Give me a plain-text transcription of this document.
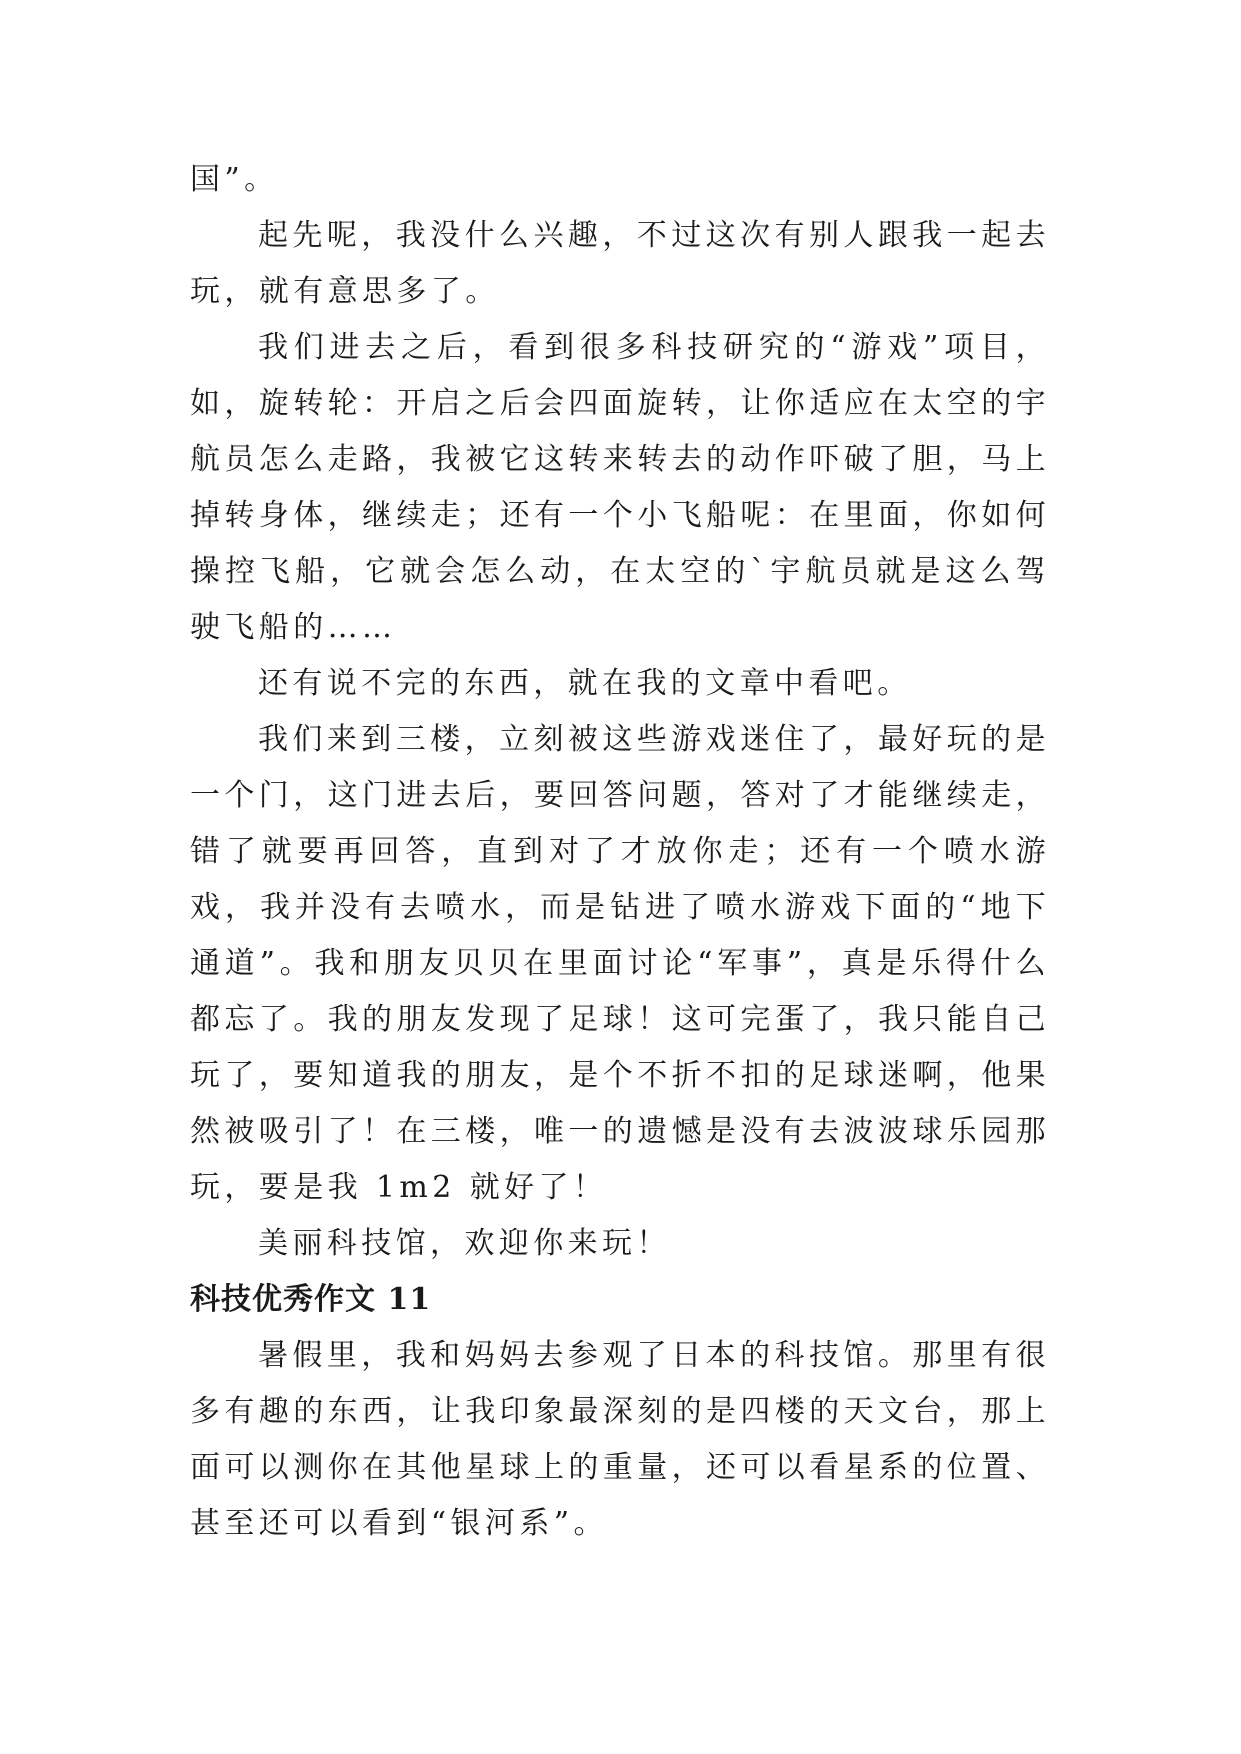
国”。

起先呢，我没什么兴趣，不过这次有别人跟我一起去玩，就有意思多了。

我们进去之后，看到很多科技研究的“游戏”项目，如，旋转轮：开启之后会四面旋转，让你适应在太空的宇航员怎么走路，我被它这转来转去的动作吓破了胆，马上掉转身体，继续走；还有一个小飞船呢：在里面，你如何操控飞船，它就会怎么动，在太空的`宇航员就是这么驾驶飞船的……

还有说不完的东西，就在我的文章中看吧。

我们来到三楼，立刻被这些游戏迷住了，最好玩的是一个门，这门进去后，要回答问题，答对了才能继续走，错了就要再回答，直到对了才放你走；还有一个喷水游戏，我并没有去喷水，而是钻进了喷水游戏下面的“地下通道”。我和朋友贝贝在里面讨论“军事”，真是乐得什么都忘了。我的朋友发现了足球！这可完蛋了，我只能自己玩了，要知道我的朋友，是个不折不扣的足球迷啊，他果然被吸引了！在三楼，唯一的遗憾是没有去波波球乐园那玩，要是我 1m2 就好了！

美丽科技馆，欢迎你来玩！

科技优秀作文 11

暑假里，我和妈妈去参观了日本的科技馆。那里有很多有趣的东西，让我印象最深刻的是四楼的天文台，那上面可以测你在其他星球上的重量，还可以看星系的位置、甚至还可以看到“银河系”。
